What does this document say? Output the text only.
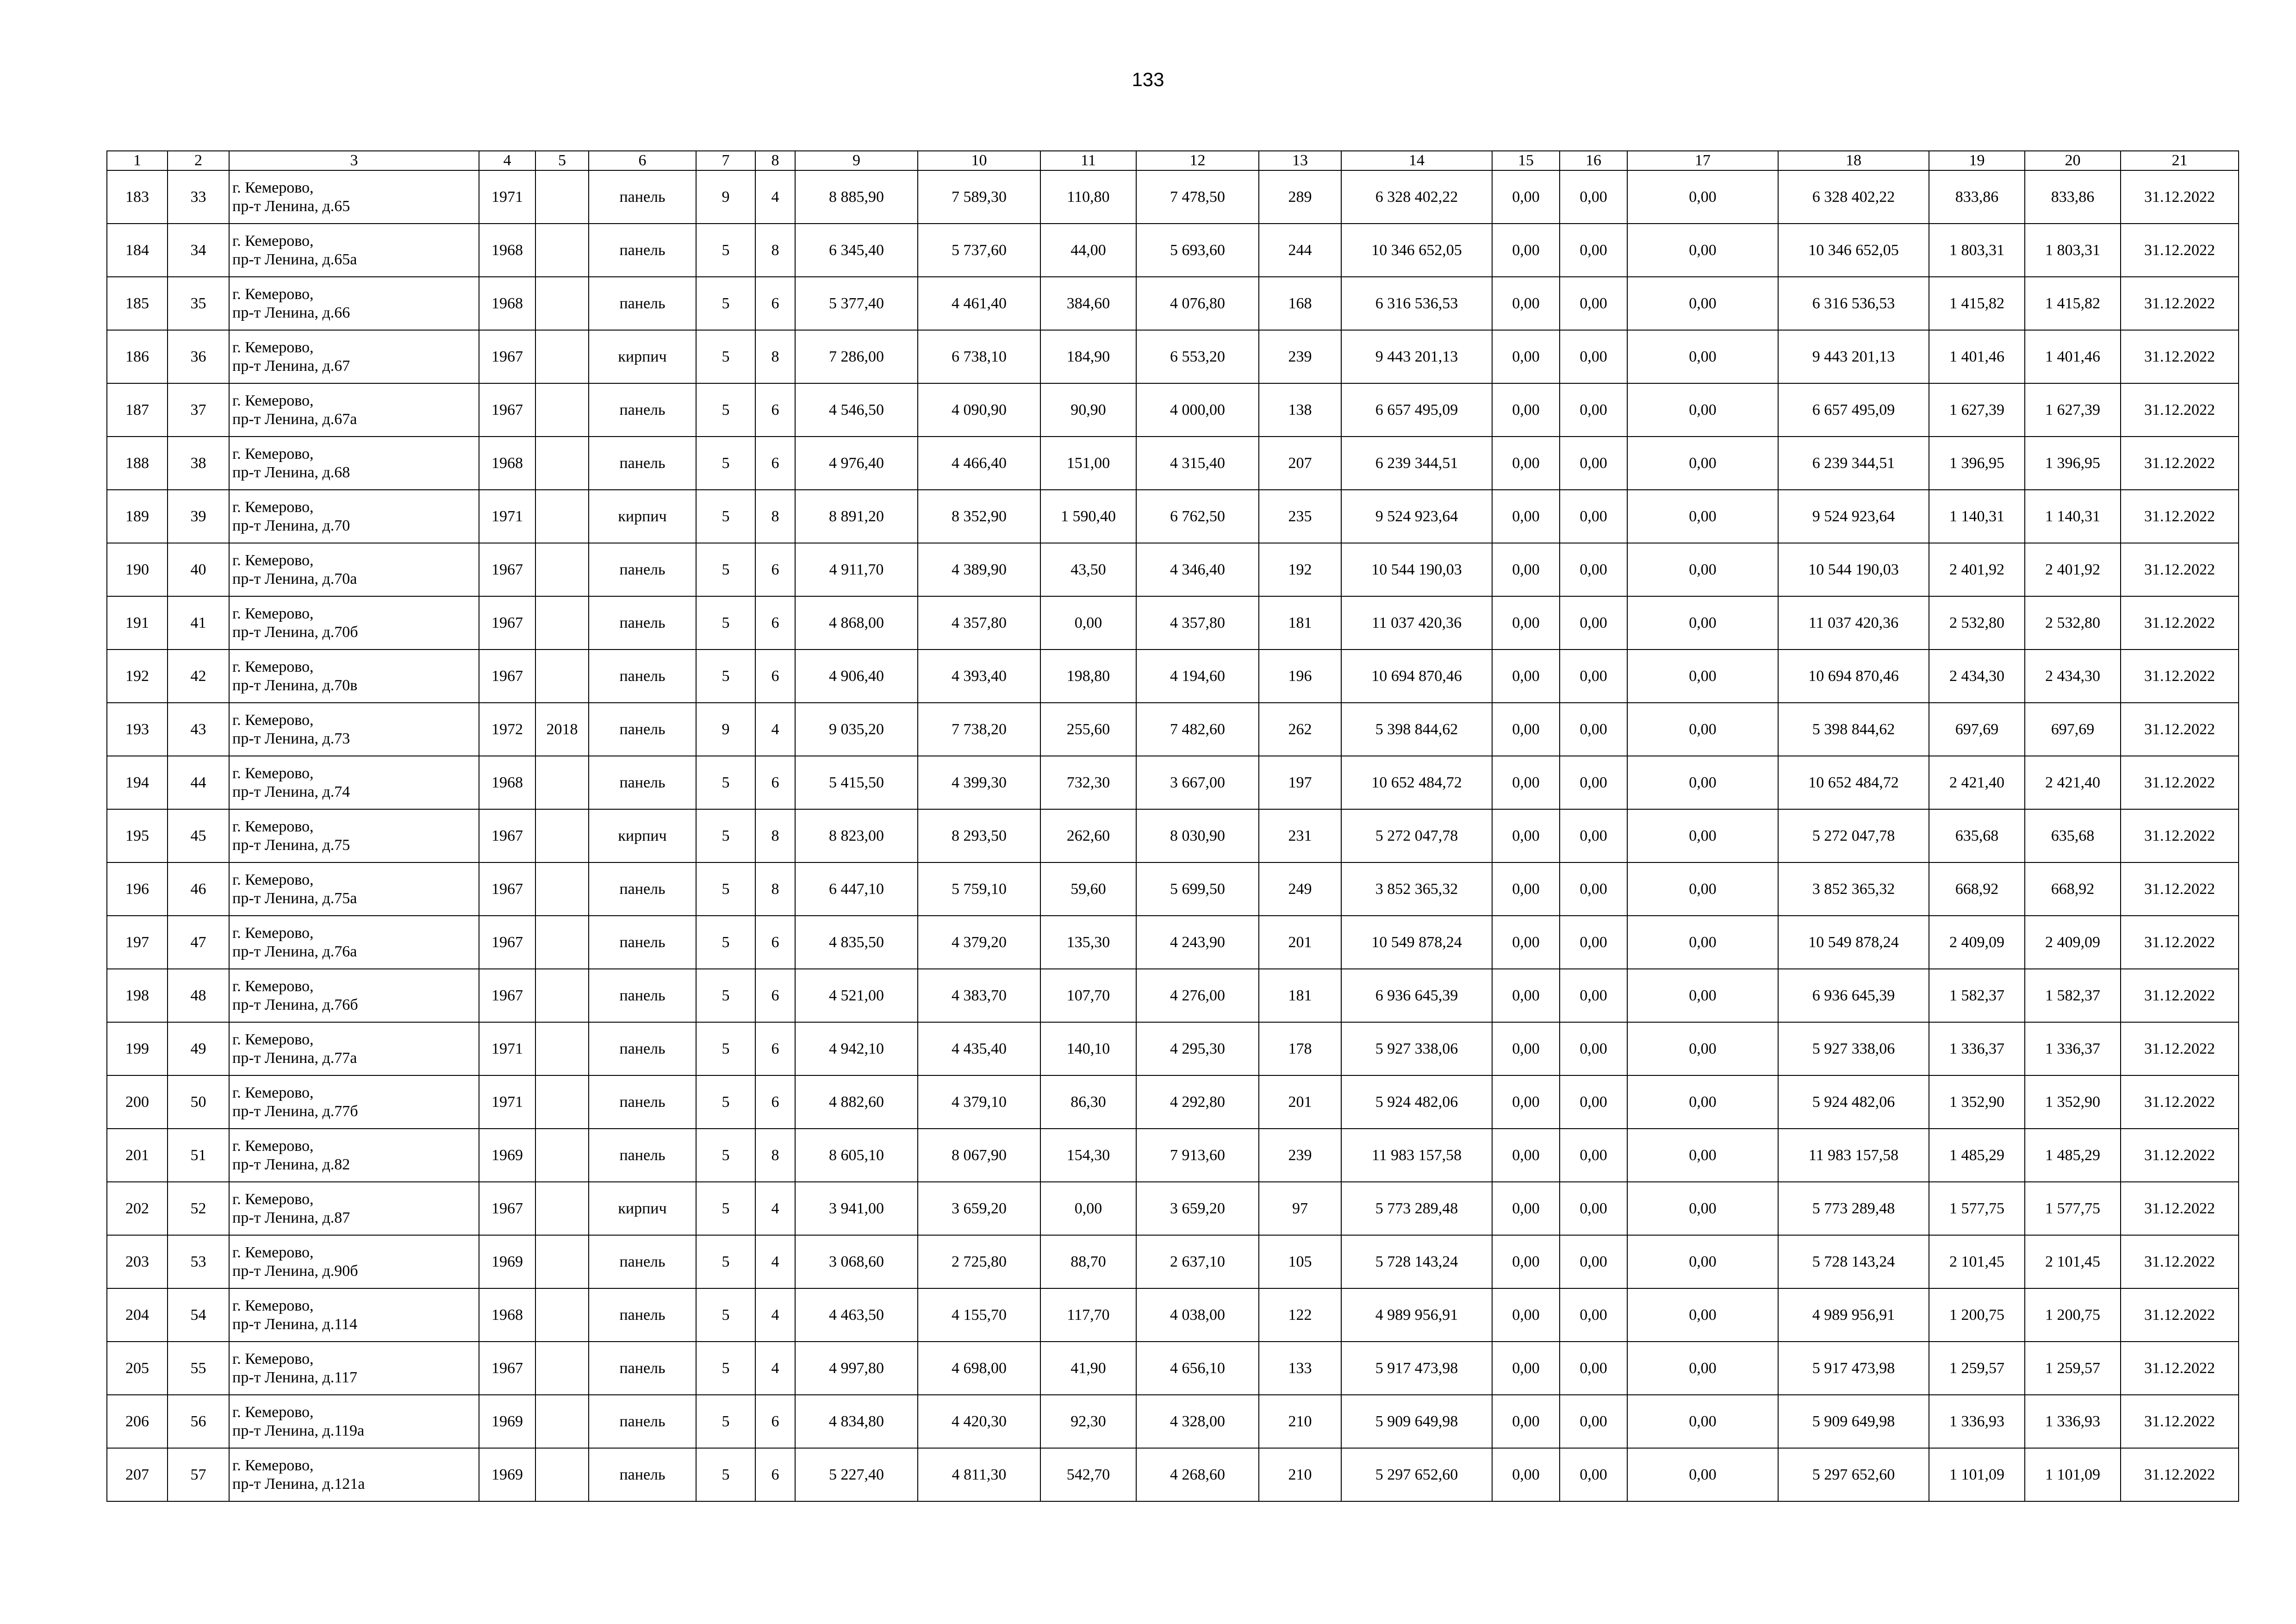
133
1	2	3	4	5	6	7	8	9	10	11	12	13	14	15	16	17	18	19	20	21
183	33	г. Кемерово,
пр-т Ленина, д.65	1971		панель	9	4	8 885,90	7 589,30	110,80	7 478,50	289	6 328 402,22	0,00	0,00	0,00	6 328 402,22	833,86	833,86	31.12.2022
184	34	г. Кемерово,
пр-т Ленина, д.65а	1968		панель	5	8	6 345,40	5 737,60	44,00	5 693,60	244	10 346 652,05	0,00	0,00	0,00	10 346 652,05	1 803,31	1 803,31	31.12.2022
185	35	г. Кемерово,
пр-т Ленина, д.66	1968		панель	5	6	5 377,40	4 461,40	384,60	4 076,80	168	6 316 536,53	0,00	0,00	0,00	6 316 536,53	1 415,82	1 415,82	31.12.2022
186	36	г. Кемерово,
пр-т Ленина, д.67	1967		кирпич	5	8	7 286,00	6 738,10	184,90	6 553,20	239	9 443 201,13	0,00	0,00	0,00	9 443 201,13	1 401,46	1 401,46	31.12.2022
187	37	г. Кемерово,
пр-т Ленина, д.67а	1967		панель	5	6	4 546,50	4 090,90	90,90	4 000,00	138	6 657 495,09	0,00	0,00	0,00	6 657 495,09	1 627,39	1 627,39	31.12.2022
188	38	г. Кемерово,
пр-т Ленина, д.68	1968		панель	5	6	4 976,40	4 466,40	151,00	4 315,40	207	6 239 344,51	0,00	0,00	0,00	6 239 344,51	1 396,95	1 396,95	31.12.2022
189	39	г. Кемерово,
пр-т Ленина, д.70	1971		кирпич	5	8	8 891,20	8 352,90	1 590,40	6 762,50	235	9 524 923,64	0,00	0,00	0,00	9 524 923,64	1 140,31	1 140,31	31.12.2022
190	40	г. Кемерово,
пр-т Ленина, д.70а	1967		панель	5	6	4 911,70	4 389,90	43,50	4 346,40	192	10 544 190,03	0,00	0,00	0,00	10 544 190,03	2 401,92	2 401,92	31.12.2022
191	41	г. Кемерово,
пр-т Ленина, д.70б	1967		панель	5	6	4 868,00	4 357,80	0,00	4 357,80	181	11 037 420,36	0,00	0,00	0,00	11 037 420,36	2 532,80	2 532,80	31.12.2022
192	42	г. Кемерово,
пр-т Ленина, д.70в	1967		панель	5	6	4 906,40	4 393,40	198,80	4 194,60	196	10 694 870,46	0,00	0,00	0,00	10 694 870,46	2 434,30	2 434,30	31.12.2022
193	43	г. Кемерово,
пр-т Ленина, д.73	1972	2018	панель	9	4	9 035,20	7 738,20	255,60	7 482,60	262	5 398 844,62	0,00	0,00	0,00	5 398 844,62	697,69	697,69	31.12.2022
194	44	г. Кемерово,
пр-т Ленина, д.74	1968		панель	5	6	5 415,50	4 399,30	732,30	3 667,00	197	10 652 484,72	0,00	0,00	0,00	10 652 484,72	2 421,40	2 421,40	31.12.2022
195	45	г. Кемерово,
пр-т Ленина, д.75	1967		кирпич	5	8	8 823,00	8 293,50	262,60	8 030,90	231	5 272 047,78	0,00	0,00	0,00	5 272 047,78	635,68	635,68	31.12.2022
196	46	г. Кемерово,
пр-т Ленина, д.75а	1967		панель	5	8	6 447,10	5 759,10	59,60	5 699,50	249	3 852 365,32	0,00	0,00	0,00	3 852 365,32	668,92	668,92	31.12.2022
197	47	г. Кемерово,
пр-т Ленина, д.76а	1967		панель	5	6	4 835,50	4 379,20	135,30	4 243,90	201	10 549 878,24	0,00	0,00	0,00	10 549 878,24	2 409,09	2 409,09	31.12.2022
198	48	г. Кемерово,
пр-т Ленина, д.76б	1967		панель	5	6	4 521,00	4 383,70	107,70	4 276,00	181	6 936 645,39	0,00	0,00	0,00	6 936 645,39	1 582,37	1 582,37	31.12.2022
199	49	г. Кемерово,
пр-т Ленина, д.77а	1971		панель	5	6	4 942,10	4 435,40	140,10	4 295,30	178	5 927 338,06	0,00	0,00	0,00	5 927 338,06	1 336,37	1 336,37	31.12.2022
200	50	г. Кемерово,
пр-т Ленина, д.77б	1971		панель	5	6	4 882,60	4 379,10	86,30	4 292,80	201	5 924 482,06	0,00	0,00	0,00	5 924 482,06	1 352,90	1 352,90	31.12.2022
201	51	г. Кемерово,
пр-т Ленина, д.82	1969		панель	5	8	8 605,10	8 067,90	154,30	7 913,60	239	11 983 157,58	0,00	0,00	0,00	11 983 157,58	1 485,29	1 485,29	31.12.2022
202	52	г. Кемерово,
пр-т Ленина, д.87	1967		кирпич	5	4	3 941,00	3 659,20	0,00	3 659,20	97	5 773 289,48	0,00	0,00	0,00	5 773 289,48	1 577,75	1 577,75	31.12.2022
203	53	г. Кемерово,
пр-т Ленина, д.90б	1969		панель	5	4	3 068,60	2 725,80	88,70	2 637,10	105	5 728 143,24	0,00	0,00	0,00	5 728 143,24	2 101,45	2 101,45	31.12.2022
204	54	г. Кемерово,
пр-т Ленина, д.114	1968		панель	5	4	4 463,50	4 155,70	117,70	4 038,00	122	4 989 956,91	0,00	0,00	0,00	4 989 956,91	1 200,75	1 200,75	31.12.2022
205	55	г. Кемерово,
пр-т Ленина, д.117	1967		панель	5	4	4 997,80	4 698,00	41,90	4 656,10	133	5 917 473,98	0,00	0,00	0,00	5 917 473,98	1 259,57	1 259,57	31.12.2022
206	56	г. Кемерово,
пр-т Ленина, д.119а	1969		панель	5	6	4 834,80	4 420,30	92,30	4 328,00	210	5 909 649,98	0,00	0,00	0,00	5 909 649,98	1 336,93	1 336,93	31.12.2022
207	57	г. Кемерово,
пр-т Ленина, д.121а	1969		панель	5	6	5 227,40	4 811,30	542,70	4 268,60	210	5 297 652,60	0,00	0,00	0,00	5 297 652,60	1 101,09	1 101,09	31.12.2022
